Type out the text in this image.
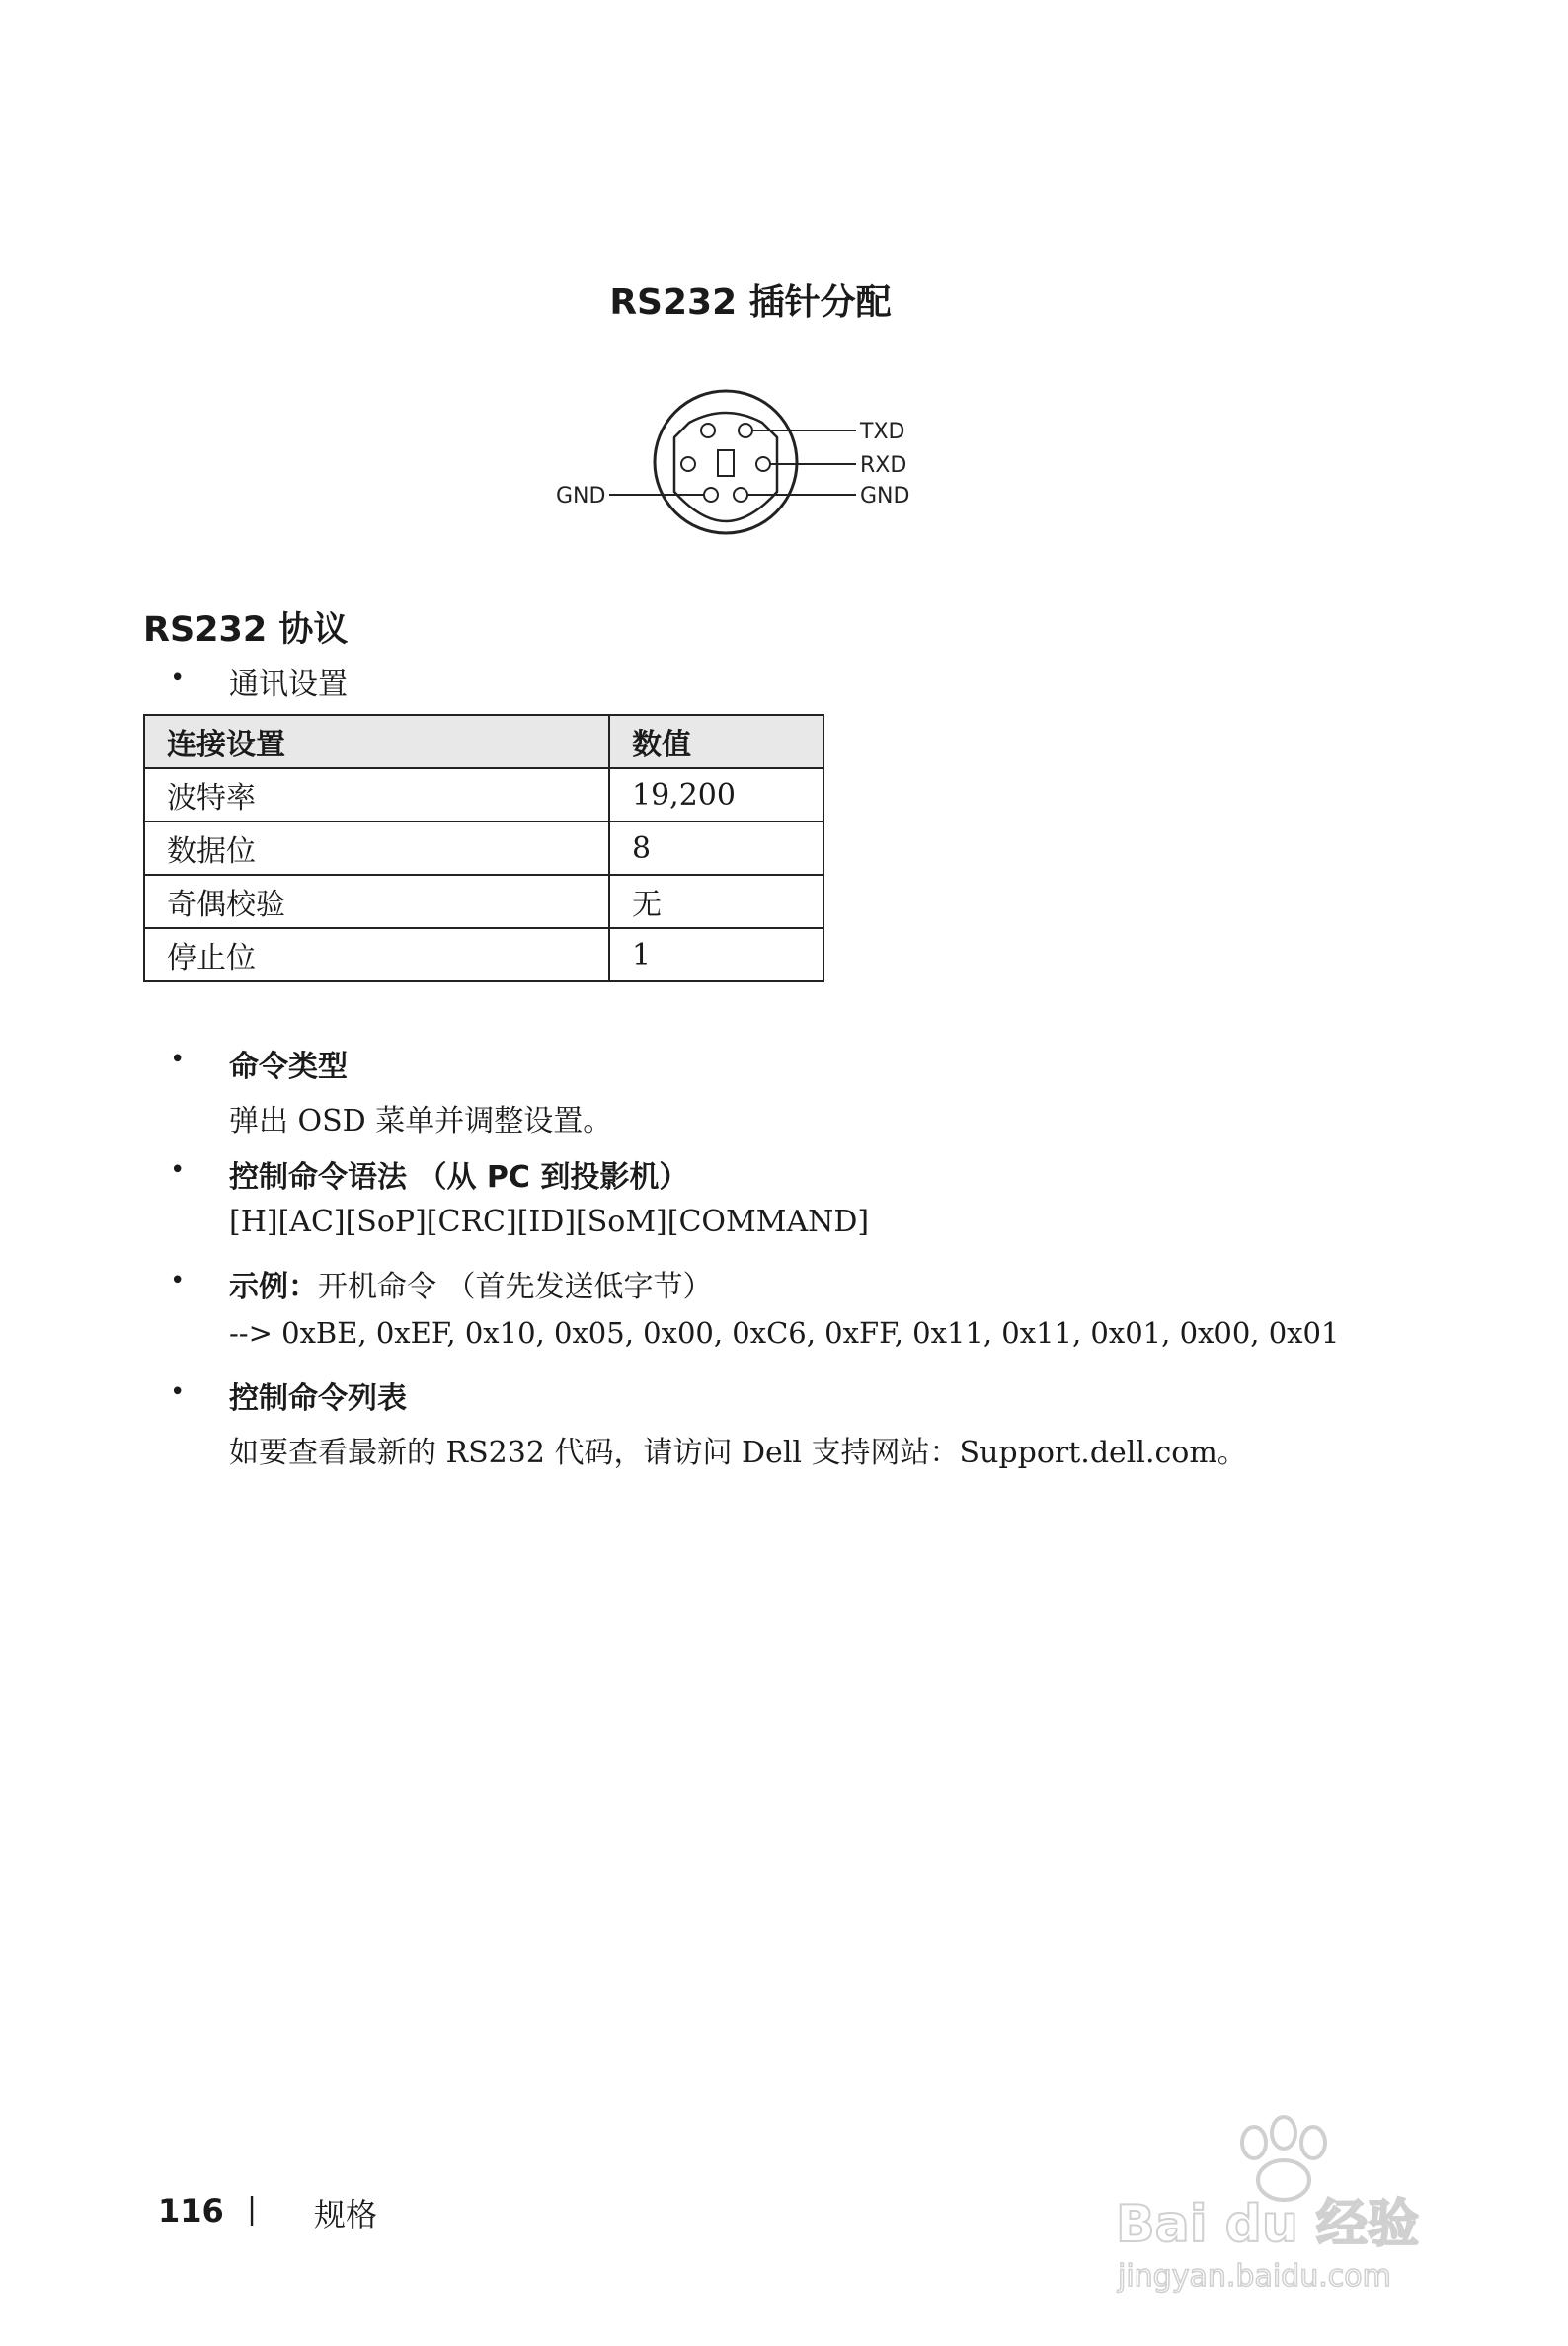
RS232 插针分配
TXD
RXD
GND
GND
RS232 协议
• 通讯设置
连接设置	数值
波特率	19,200
数据位	8
奇偶校验	无
停止位	1
• 命令类型
弹出 OSD 菜单并调整设置。
• 控制命令语法 （从 PC 到投影机）
[H][AC][SoP][CRC][ID][SoM][COMMAND]
• 示例：开机命令 （首先发送低字节）
--> 0xBE, 0xEF, 0x10, 0x05, 0x00, 0xC6, 0xFF, 0x11, 0x11, 0x01, 0x00, 0x01
• 控制命令列表
如要查看最新的 RS232 代码，请访问 Dell 支持网站：Support.dell.com。
116 | 规格	Bai du 经验
jingyan.baidu.com
